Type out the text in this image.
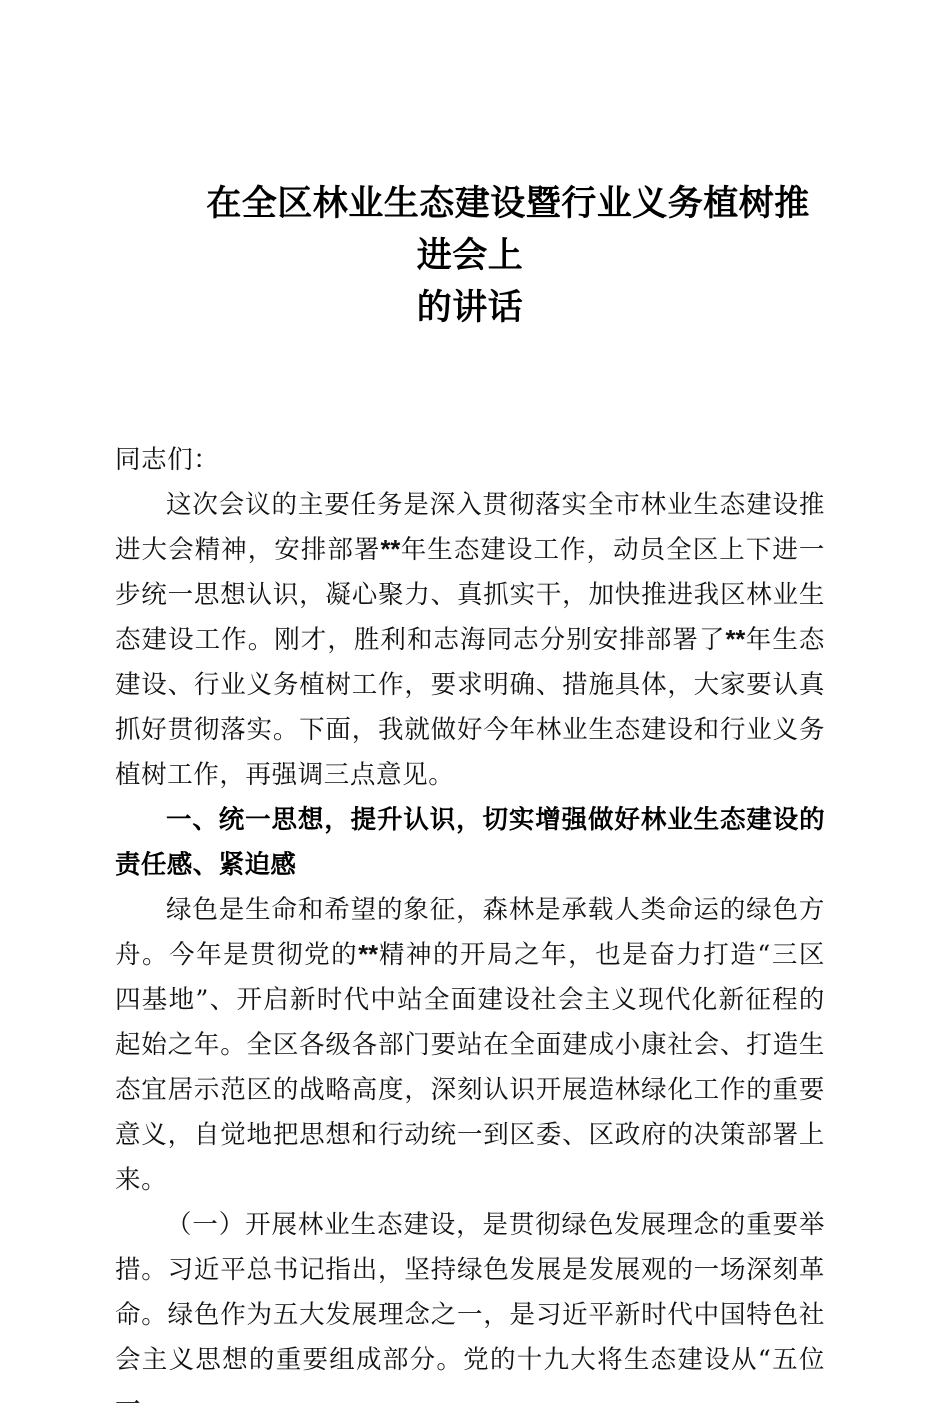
在全区林业生态建设暨行业义务植树推进会上
的讲话

同志们：

这次会议的主要任务是深入贯彻落实全市林业生态建设推进大会精神，安排部署**年生态建设工作，动员全区上下进一步统一思想认识，凝心聚力、真抓实干，加快推进我区林业生态建设工作。刚才，胜利和志海同志分别安排部署了**年生态建设、行业义务植树工作，要求明确、措施具体，大家要认真抓好贯彻落实。下面，我就做好今年林业生态建设和行业义务植树工作，再强调三点意见。

一、统一思想，提升认识，切实增强做好林业生态建设的责任感、紧迫感

绿色是生命和希望的象征，森林是承载人类命运的绿色方舟。今年是贯彻党的**精神的开局之年，也是奋力打造“三区四基地”、开启新时代中站全面建设社会主义现代化新征程的起始之年。全区各级各部门要站在全面建成小康社会、打造生态宜居示范区的战略高度，深刻认识开展造林绿化工作的重要意义，自觉地把思想和行动统一到区委、区政府的决策部署上来。

（一）开展林业生态建设，是贯彻绿色发展理念的重要举措。习近平总书记指出，坚持绿色发展是发展观的一场深刻革命。绿色作为五大发展理念之一，是习近平新时代中国特色社会主义思想的重要组成部分。党的十九大将生态建设从“五位一
